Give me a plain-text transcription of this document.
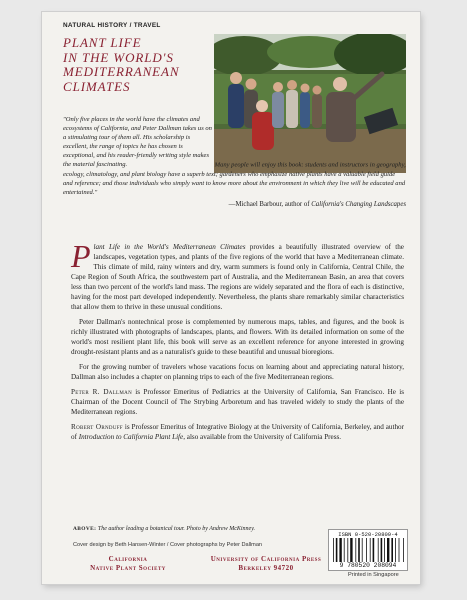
NATURAL HISTORY / TRAVEL
PLANT LIFE
IN THE WORLD'S
MEDITERRANEAN
CLIMATES

"Only five places in the world have the climates and ecosystems of California, and Peter Dallman takes us on a stimulating tour of them all. His scholarship is excellent, the range of topics he has chosen is exceptional, and his reader-friendly writing style makes the material fascinating.	Many people will enjoy this book: students and instructors in geography, ecology, climatology, and plant biology have a superb text; gardeners who emphasize native plants have a valuable field guide and reference; and those individuals who simply want to know more about the environment in which they live will be educated and entertained."

—Michael Barbour, author of California's Changing Landscapes

Plant Life in the World's Mediterranean Climates provides a beautifully illustrated overview of the landscapes, vegetation types, and plants of the five regions of the world that have a Mediterranean climate. This climate of mild, rainy winters and dry, warm summers is found only in California, Central Chile, the Cape Region of South Africa, the southwestern part of Australia, and the Mediterranean Basin, an area that covers less than two percent of the world's land mass. The regions are widely separated and the flora of each is distinctive, having for the most part developed independently. Nevertheless, the plants share remarkably similar characteristics that allow them to thrive in these unusual conditions.

Peter Dallman's nontechnical prose is complemented by numerous maps, tables, and figures, and the book is richly illustrated with photographs of landscapes, plants, and flowers. With its detailed information on some of the world's most resilient plant life, this book will serve as an excellent reference for anyone interested in growing drought-resistant plants and as a naturalist's guide to these beautiful and unusual bioregions.

For the growing number of travelers whose vacations focus on learning about and appreciating natural history, Dallman also includes a chapter on planning trips to each of the five Mediterranean regions.

Peter R. Dallman is Professor Emeritus of Pediatrics at the University of California, San Francisco. He is Chairman of the Docent Council of The Strybing Arboretum and has traveled widely to study the plants of the Mediterranean regions.

Robert Ornduff is Professor Emeritus of Integrative Biology at the University of California, Berkeley, and author of Introduction to California Plant Life, also available from the University of California Press.

ABOVE: The author leading a botanical tour. Photo by Andrew McKinney.
Cover design by Beth Hansen-Winter / Cover photographs by Peter Dallman
California
Native Plant Society
University of California Press
Berkeley 94720
ISBN 0-520-20809-4
9 780520 208094
Printed in Singapore
